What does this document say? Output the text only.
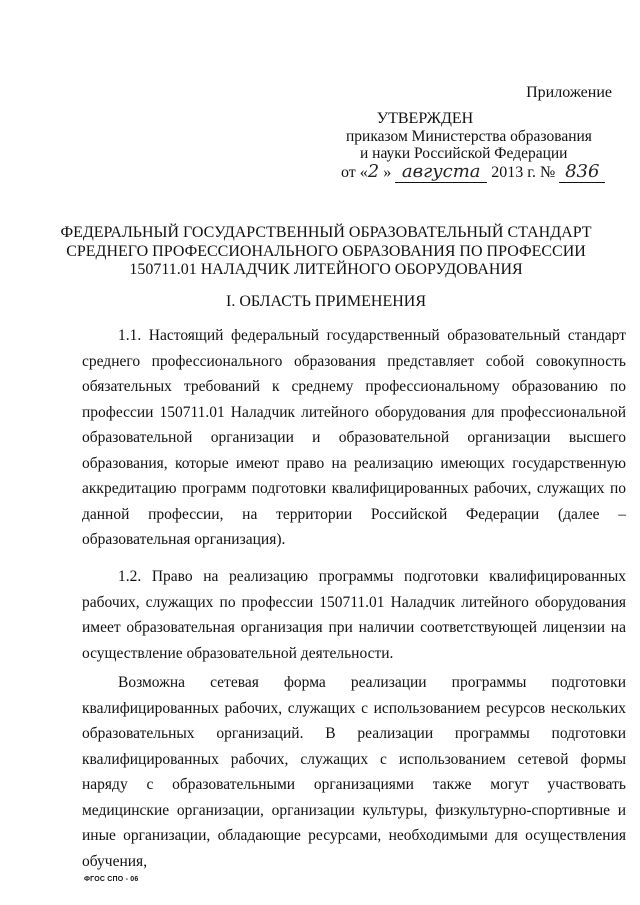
Приложение
УТВЕРЖДЕН
приказом Министерства образования
и науки Российской Федерации
от «2 » августа 2013 г. № 836
ФЕДЕРАЛЬНЫЙ ГОСУДАРСТВЕННЫЙ ОБРАЗОВАТЕЛЬНЫЙ СТАНДАРТ
СРЕДНЕГО ПРОФЕССИОНАЛЬНОГО ОБРАЗОВАНИЯ ПО ПРОФЕССИИ
150711.01 НАЛАДЧИК ЛИТЕЙНОГО ОБОРУДОВАНИЯ
I. ОБЛАСТЬ ПРИМЕНЕНИЯ

1.1. Настоящий федеральный государственный образовательный стандарт среднего профессионального образования представляет собой совокупность обязательных требований к среднему профессиональному образованию по профессии 150711.01 Наладчик литейного оборудования для профессиональной образовательной организации и образовательной организации высшего образования, которые имеют право на реализацию имеющих государственную аккредитацию программ подготовки квалифицированных рабочих, служащих по данной профессии, на территории Российской Федерации (далее – образовательная организация).

1.2. Право на реализацию программы подготовки квалифицированных рабочих, служащих по профессии 150711.01 Наладчик литейного оборудования имеет образовательная организация при наличии соответствующей лицензии на осуществление образовательной деятельности.

Возможна сетевая форма реализации программы подготовки квалифицированных рабочих, служащих с использованием ресурсов нескольких образовательных организаций. В реализации программы подготовки квалифицированных рабочих, служащих с использованием сетевой формы наряду с образовательными организациями также могут участвовать медицинские организации, организации культуры, физкультурно-спортивные и иные организации, обладающие ресурсами, необходимыми для осуществления обучения,

ФГОС СПО - 06
